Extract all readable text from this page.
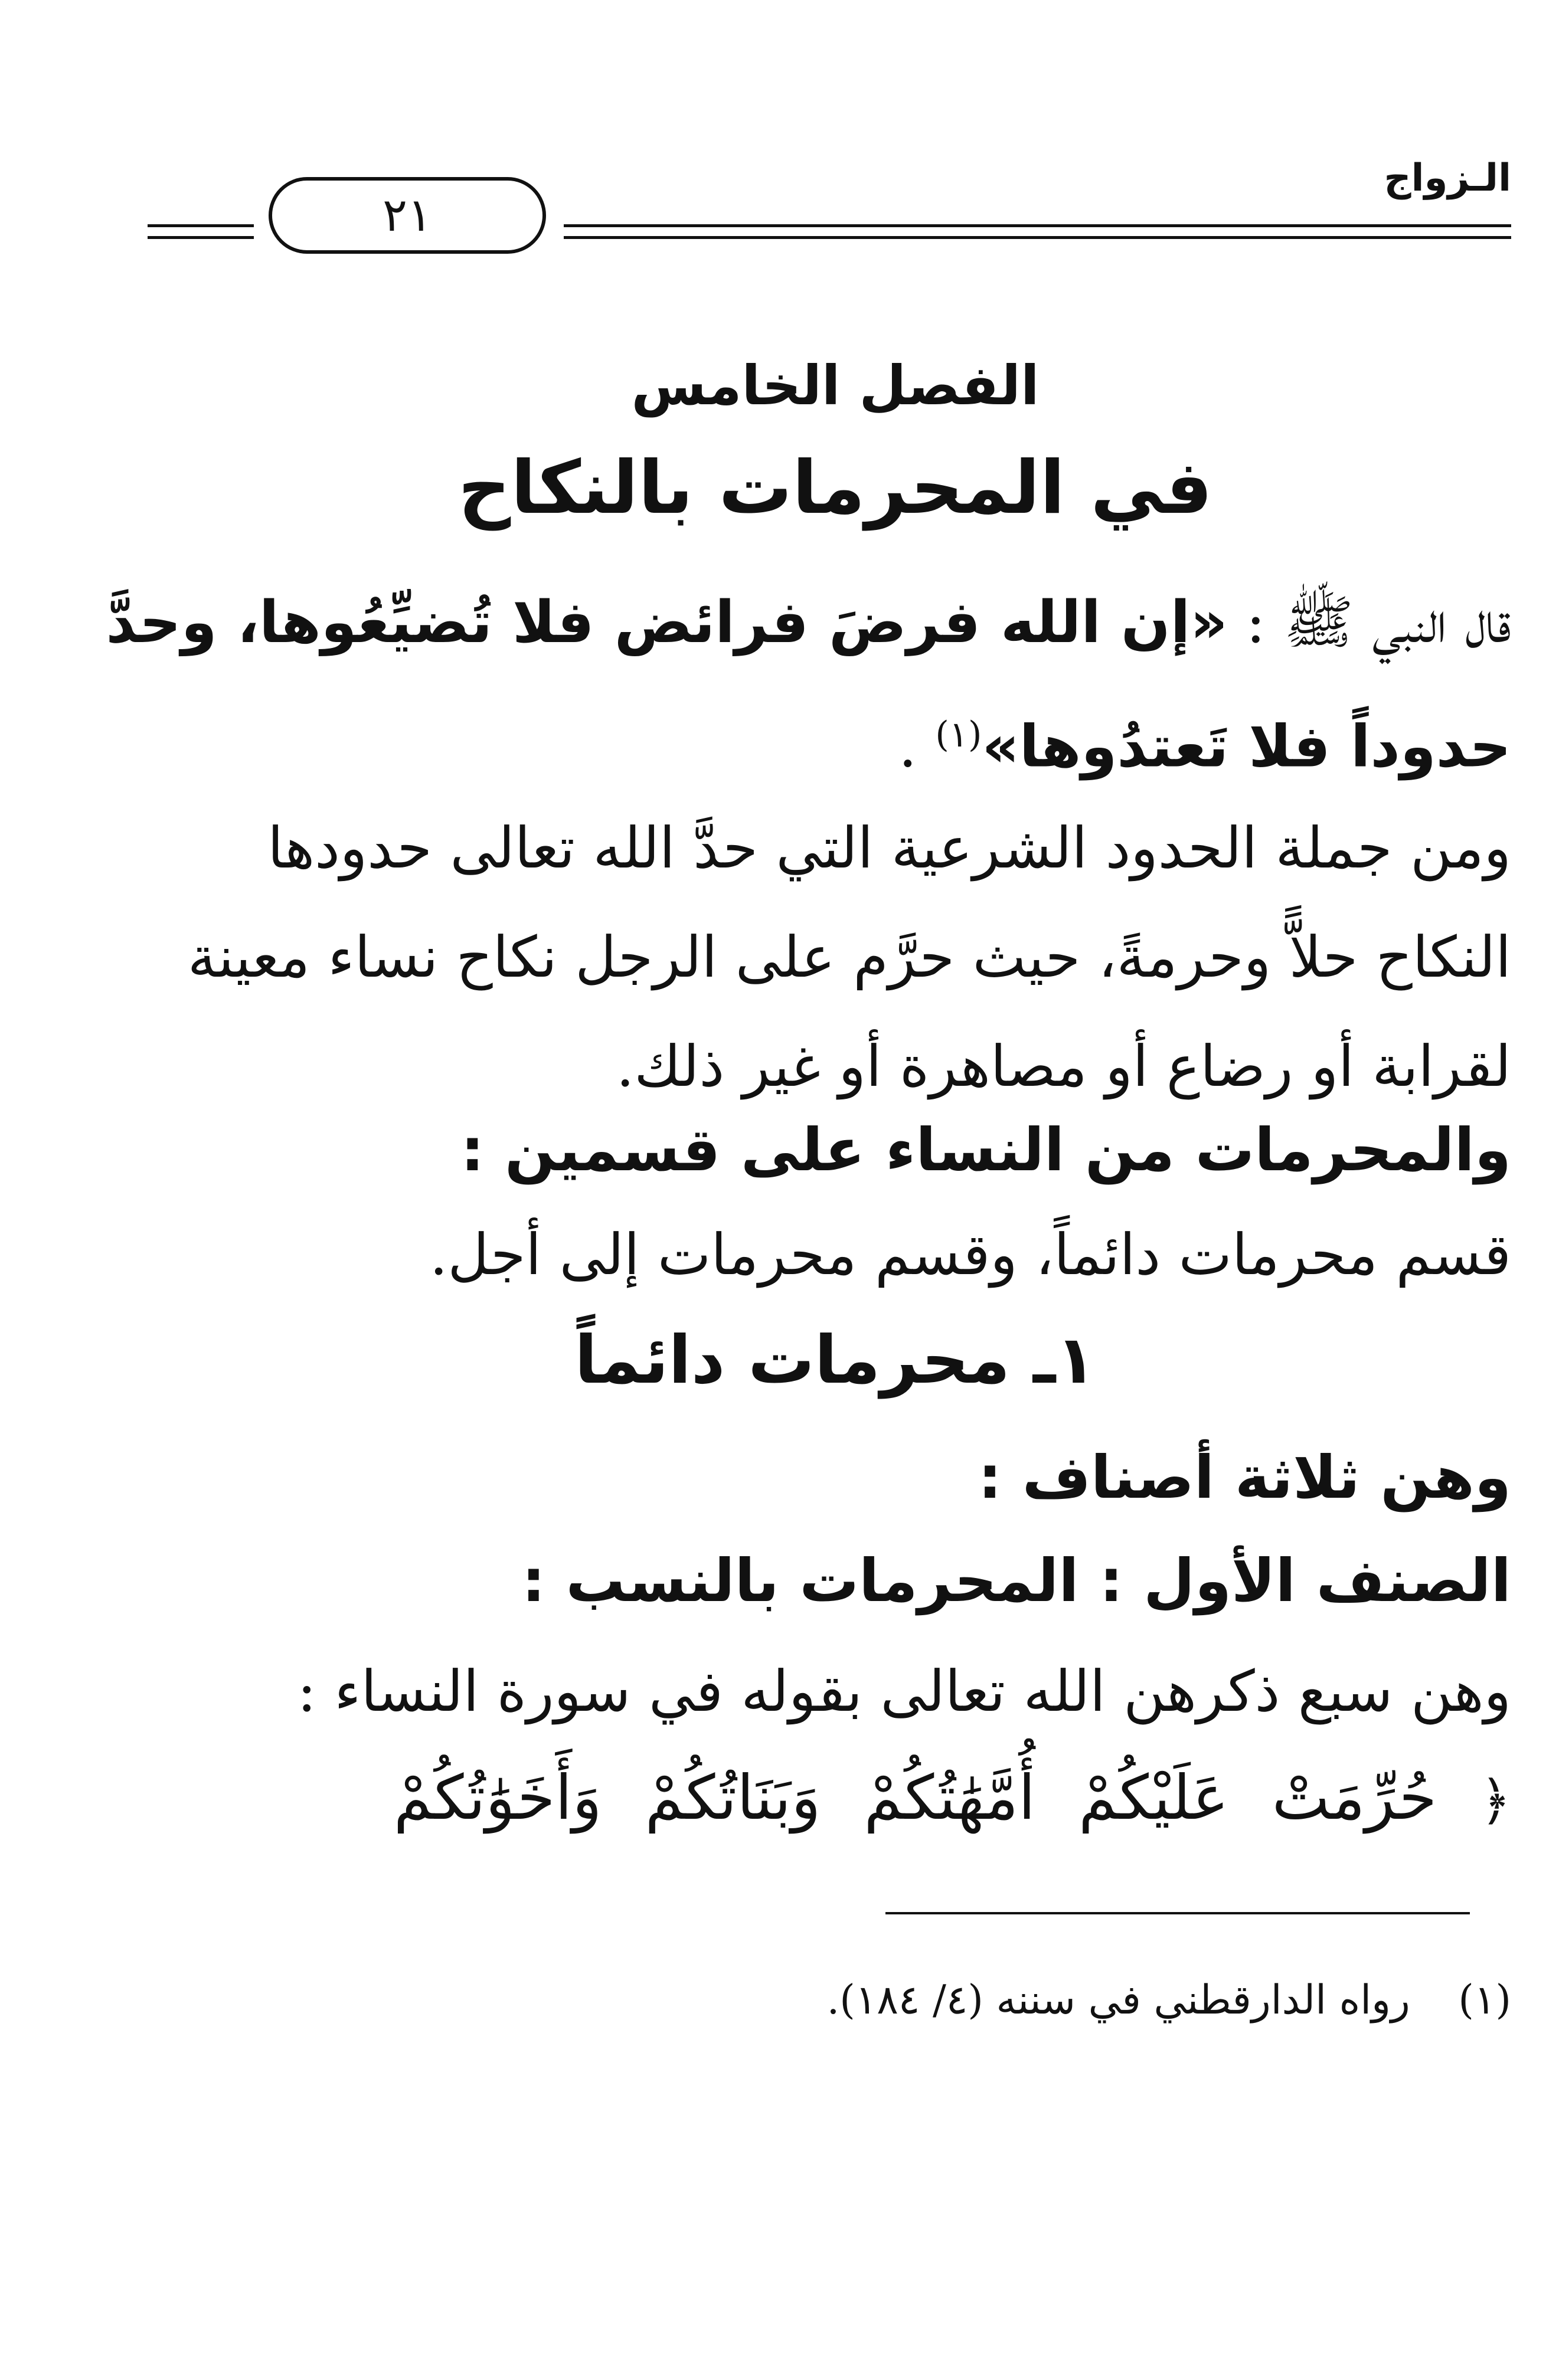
الـزواج
٢١
الفصل الخامس
في المحرمات بالنكاح
قال النبي ﷺ : «إن الله فرضَ فرائض فلا تُضيِّعُوها، وحدَّ
حدوداً فلا تَعتدُوها»$^{(١)}$ .
ومن جملة الحدود الشرعية التي حدَّ الله تعالى حدودها
النكاح حلاًّ وحرمةً، حيث حرَّم على الرجل نكاح نساء معينة
لقرابة أو رضاع أو مصاهرة أو غير ذلك.
والمحرمات من النساء على قسمين :
قسم محرمات دائماً، وقسم محرمات إلى أجل.
١ـ محرمات دائماً
وهن ثلاثة أصناف :
الصنف الأول : المحرمات بالنسب :
وهن سبع ذكرهن الله تعالى بقوله في سورة النساء :
﴿ حُرِّمَتْ عَلَيْكُمْ أُمَّهَٰتُكُمْ وَبَنَاتُكُمْ وَأَخَوَٰتُكُمْ
(١) رواه الدارقطني في سننه (٤/ ١٨٤).
